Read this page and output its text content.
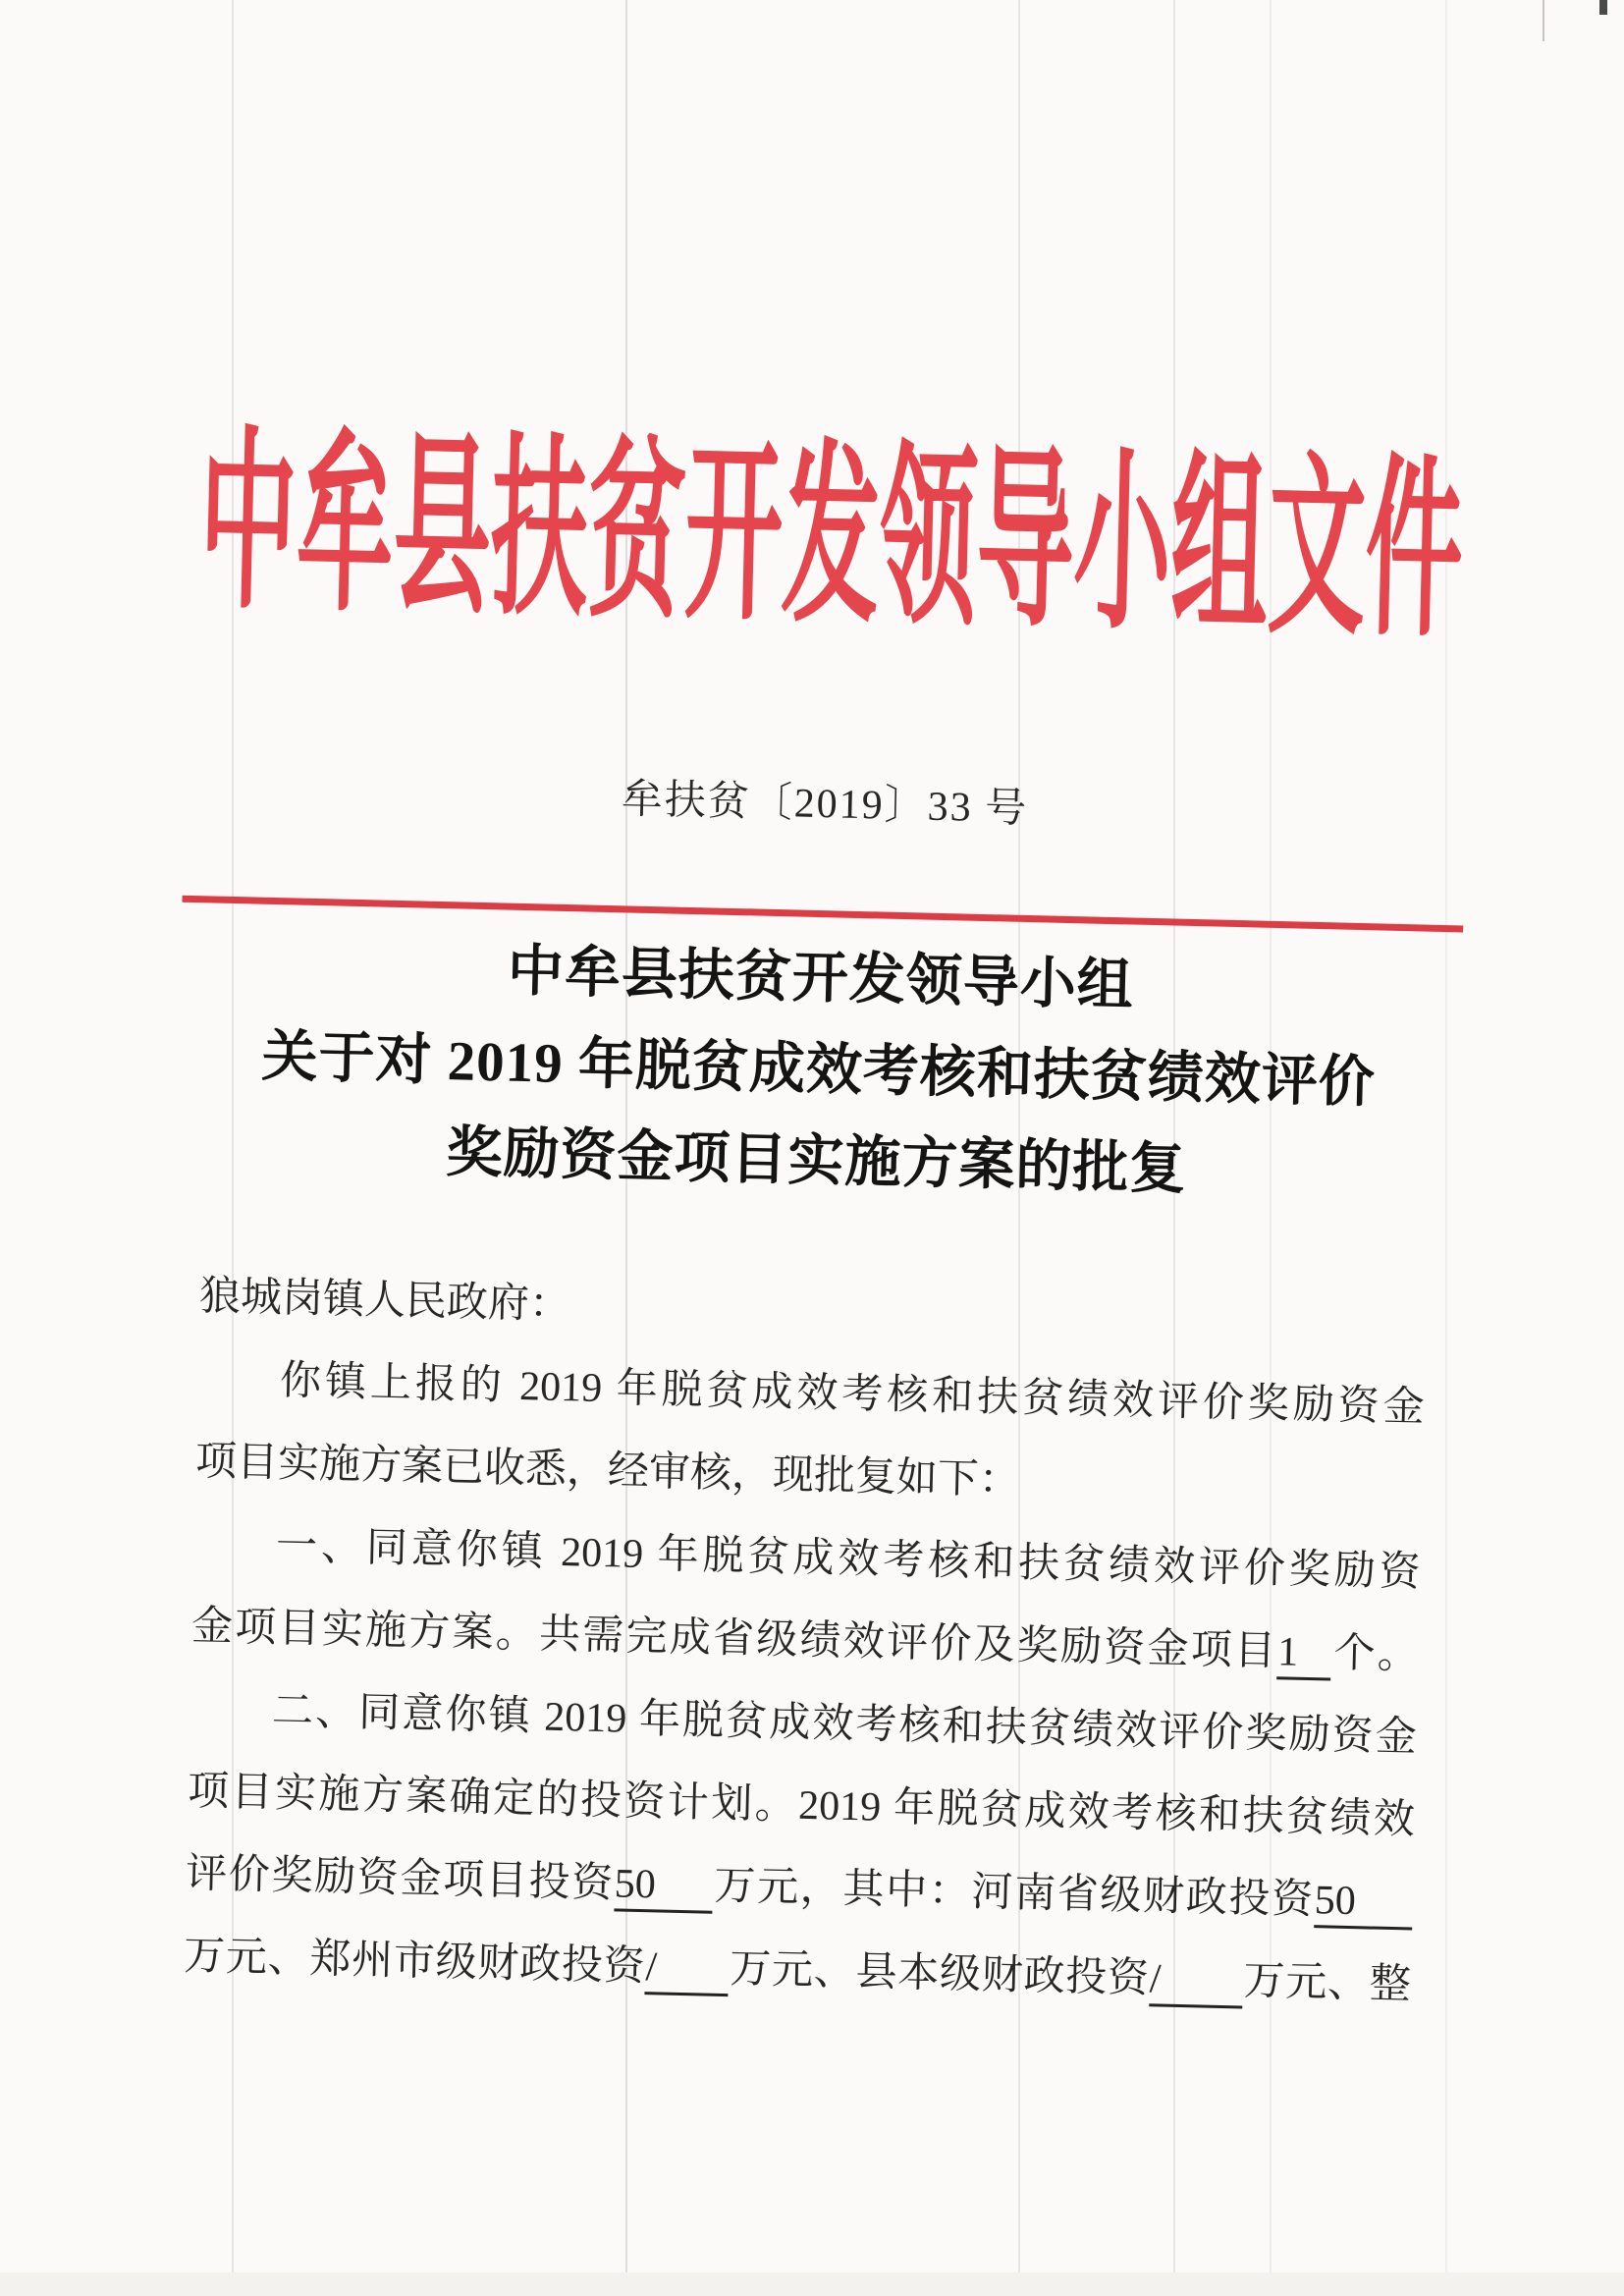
中牟县扶贫开发领导小组文件
牟扶贫〔2019〕33 号
中牟县扶贫开发领导小组
关于对 2019 年脱贫成效考核和扶贫绩效评价
奖励资金项目实施方案的批复
狼城岗镇人民政府：
你镇上报的 2019 年脱贫成效考核和扶贫绩效评价奖励资金
项目实施方案已收悉，经审核，现批复如下：
一、同意你镇 2019 年脱贫成效考核和扶贫绩效评价奖励资
金项目实施方案。共需完成省级绩效评价及奖励资金项目1 个。
二、同意你镇 2019 年脱贫成效考核和扶贫绩效评价奖励资金
项目实施方案确定的投资计划。2019 年脱贫成效考核和扶贫绩效
评价奖励资金项目投资50 万元，其中：河南省级财政投资50
万元、郑州市级财政投资/ 万元、县本级财政投资/ 万元、整
